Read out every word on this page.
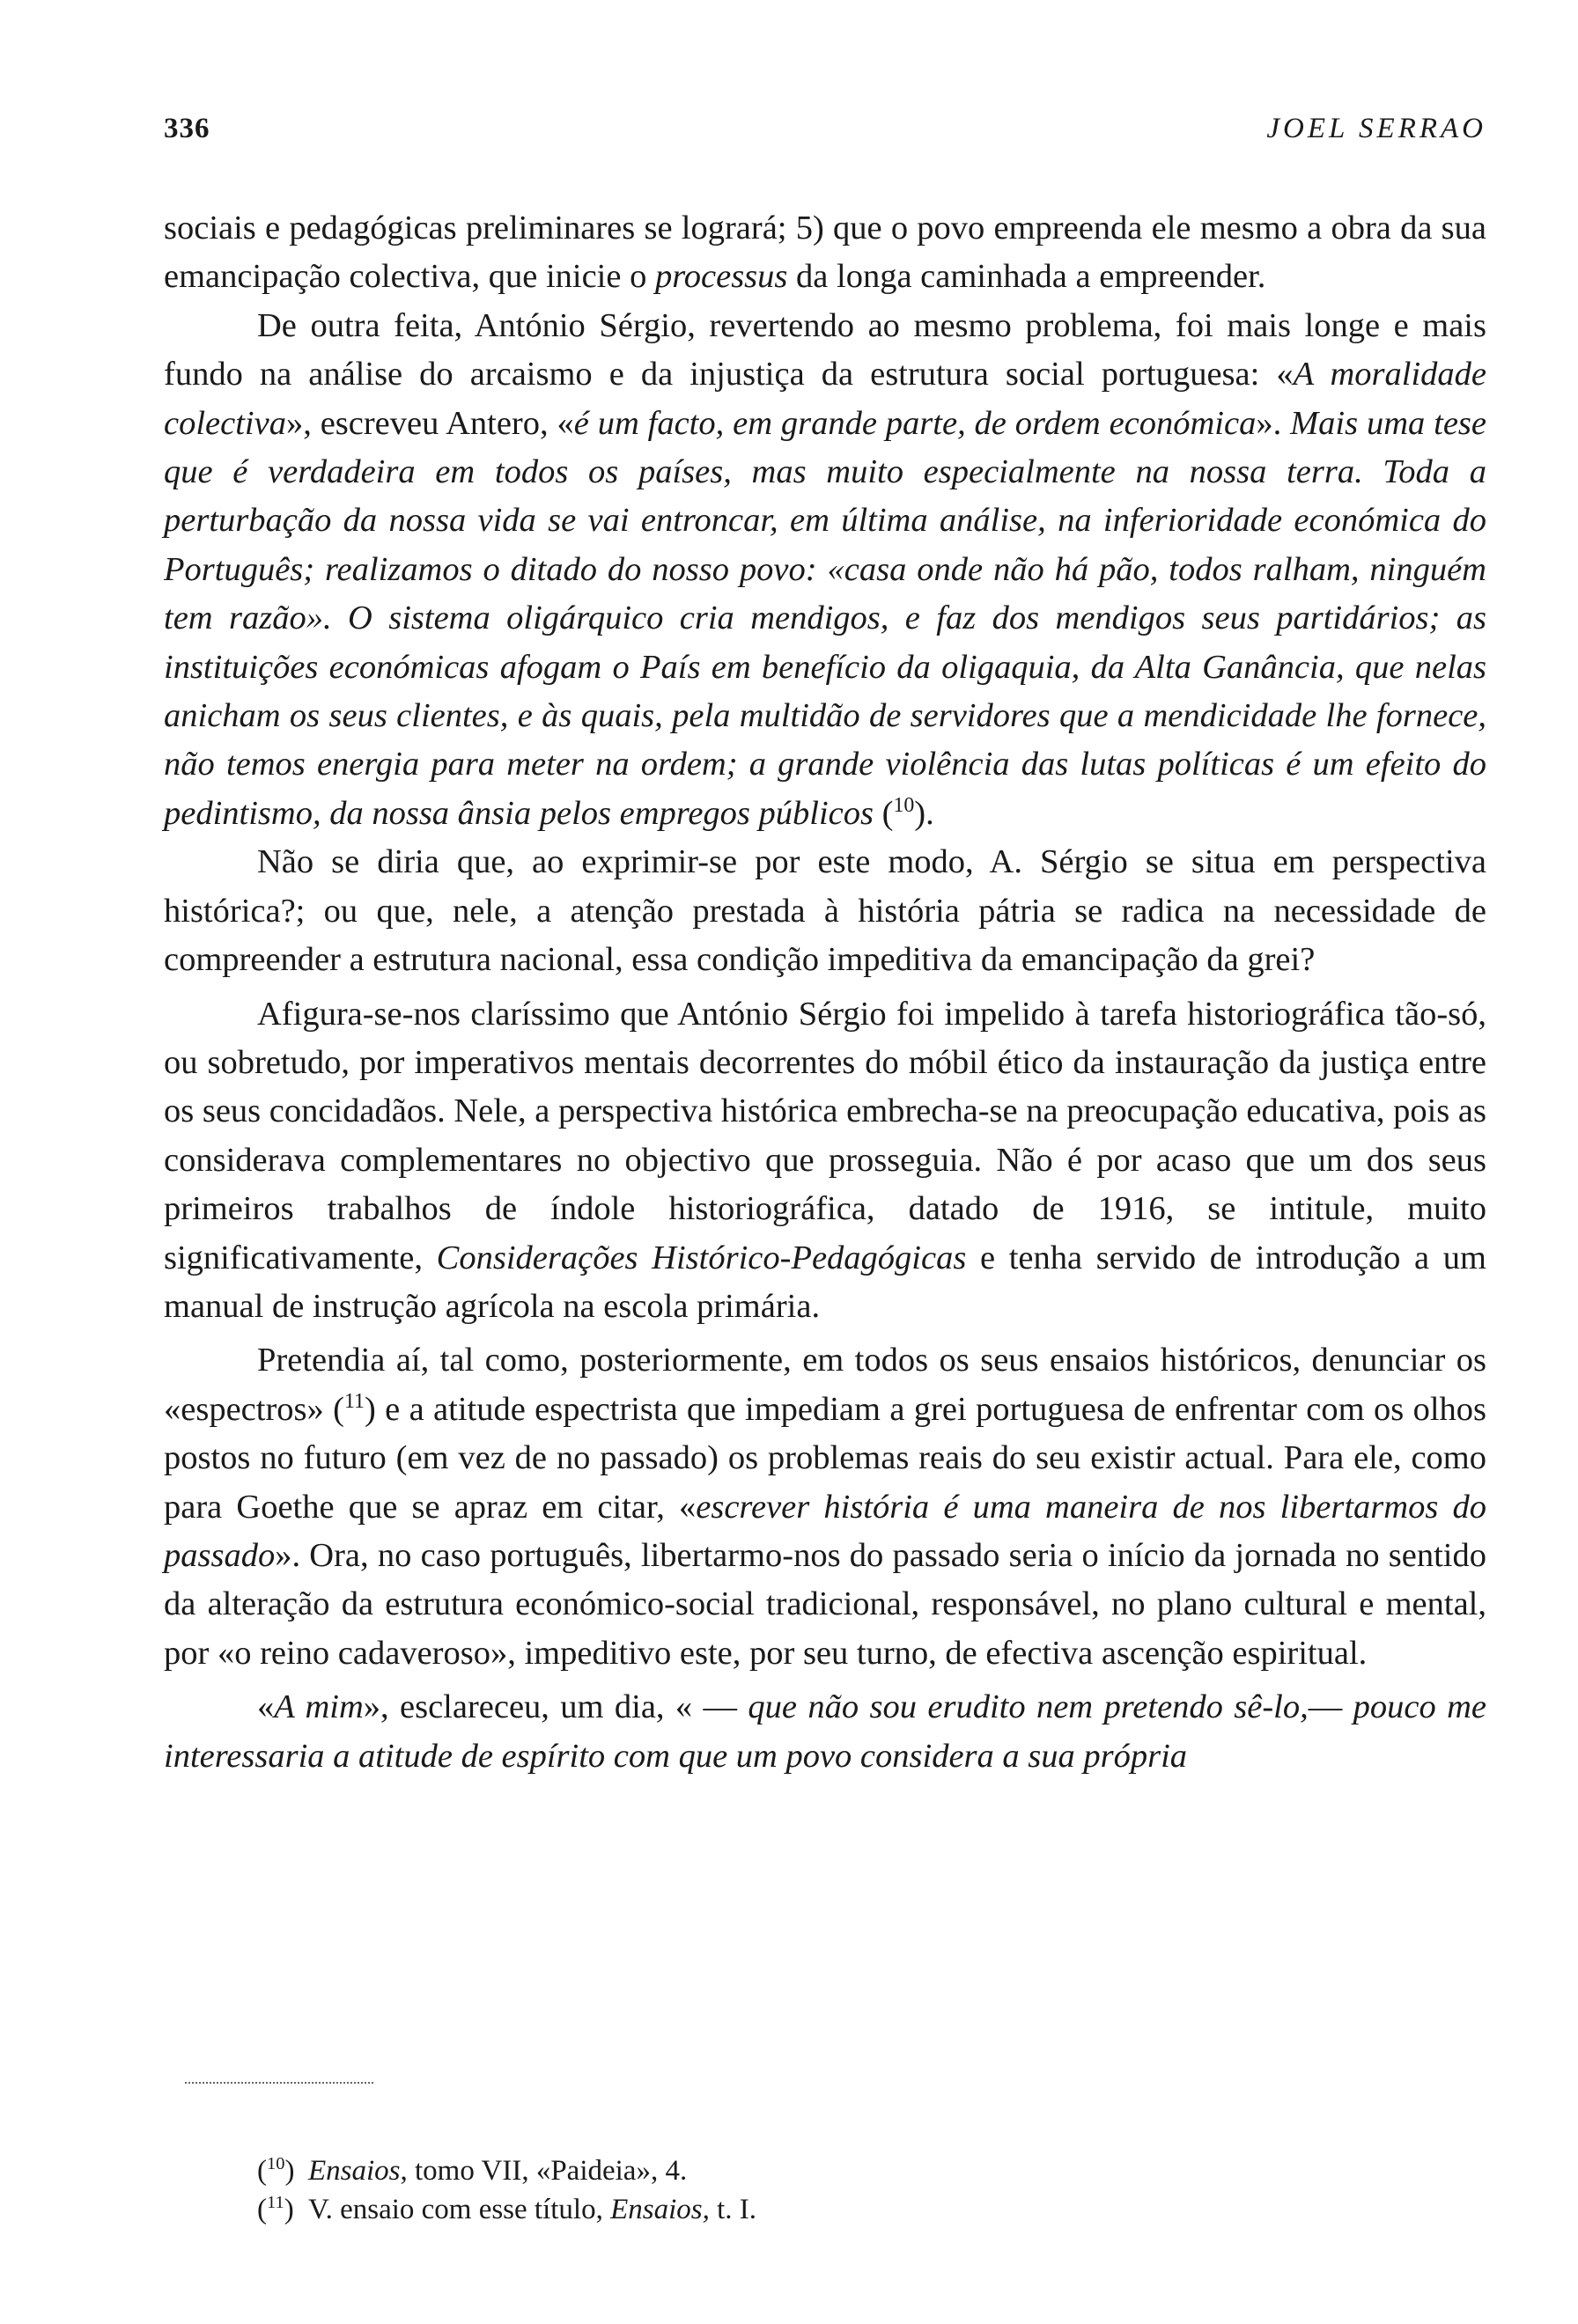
336	JOEL SERRAO

sociais e pedagógicas preliminares se logrará; 5) que o povo empreenda ele mesmo a obra da sua emancipação colectiva, que inicie o processus da longa caminhada a empreender.

De outra feita, António Sérgio, revertendo ao mesmo problema, foi mais longe e mais fundo na análise do arcaismo e da injustiça da estrutura social portuguesa: «A moralidade colectiva», escreveu Antero, «é um facto, em grande parte, de ordem económica». Mais uma tese que é verdadeira em todos os países, mas muito especialmente na nossa terra. Toda a perturbação da nossa vida se vai entroncar, em última análise, na inferioridade económica do Português; realizamos o ditado do nosso povo: «casa onde não há pão, todos ralham, ninguém tem razão». O sistema oligárquico cria mendigos, e faz dos mendigos seus partidários; as instituições económicas afogam o País em benefício da oligaquia, da Alta Ganância, que nelas anicham os seus clientes, e às quais, pela multidão de servidores que a mendicidade lhe fornece, não temos energia para meter na ordem; a grande violência das lutas políticas é um efeito do pedintismo, da nossa ânsia pelos empregos públicos ($^{10}$).

Não se diria que, ao exprimir-se por este modo, A. Sérgio se situa em perspectiva histórica?; ou que, nele, a atenção prestada à história pátria se radica na necessidade de compreender a estrutura nacional, essa condição impeditiva da emancipação da grei?

Afigura-se-nos claríssimo que António Sérgio foi impelido à tarefa historiográfica tão-só, ou sobretudo, por imperativos mentais decorrentes do móbil ético da instauração da justiça entre os seus concidadãos. Nele, a perspectiva histórica embrecha-se na preocupação educativa, pois as considerava complementares no objectivo que prosseguia. Não é por acaso que um dos seus primeiros trabalhos de índole historiográfica, datado de 1916, se intitule, muito significativamente, Considerações Histórico-Pedagógicas e tenha servido de introdução a um manual de instrução agrícola na escola primária.

Pretendia aí, tal como, posteriormente, em todos os seus ensaios históricos, denunciar os «espectros» ($^{11}$) e a atitude espectrista que impediam a grei portuguesa de enfrentar com os olhos postos no futuro (em vez de no passado) os problemas reais do seu existir actual. Para ele, como para Goethe que se apraz em citar, «escrever história é uma maneira de nos libertarmos do passado». Ora, no caso português, libertarmo-nos do passado seria o início da jornada no sentido da alteração da estrutura económico-social tradicional, responsável, no plano cultural e mental, por «o reino cadaveroso», impeditivo este, por seu turno, de efectiva ascenção espiritual.

«A mim», esclareceu, um dia, « — que não sou erudito nem pretendo sê-lo,— pouco me interessaria a atitude de espírito com que um povo considera a sua própria

($^{10}$) Ensaios, tomo VII, «Paideia», 4.
($^{11}$) V. ensaio com esse título, Ensaios, t. I.
